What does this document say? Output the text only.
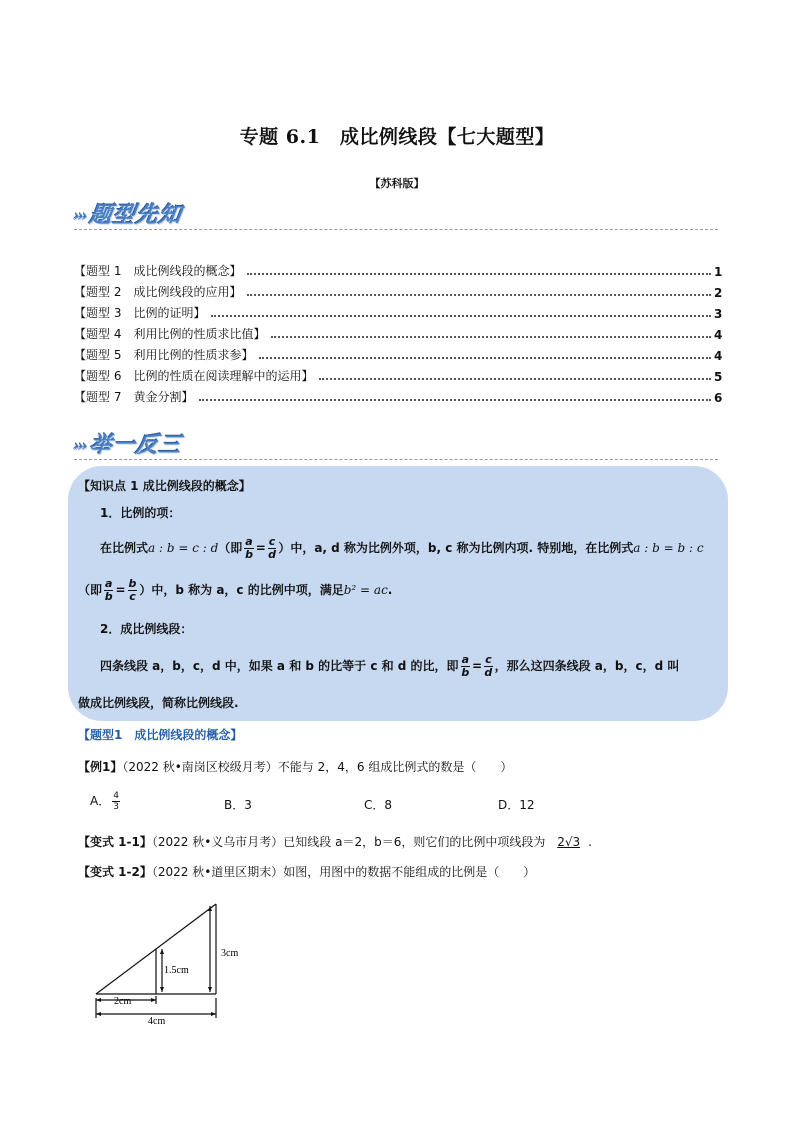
专题 6.1　成比例线段【七大题型】
【苏科版】
›››题型先知
【题型 1　成比例线段的概念】	1
【题型 2　成比例线段的应用】	2
【题型 3　比例的证明】	3
【题型 4　利用比例的性质求比值】	4
【题型 5　利用比例的性质求参】	4
【题型 6　比例的性质在阅读理解中的运用】	5
【题型 7　黄金分割】	6
›››举一反三
【知识点 1 成比例线段的概念】
1．比例的项：
在比例式a : b = c : d（即 $\frac{a}{b} = \frac{c}{d}$ ）中，a, d 称为比例外项，b, c 称为比例内项. 特别地，在比例式a : b = b : c
（即 $\frac{a}{b} = \frac{b}{c}$ ）中，b 称为 a，c 的比例中项，满足b² = ac.
2．成比例线段：
四条线段 a，b，c，d 中，如果 a 和 b 的比等于 c 和 d 的比，即 $\frac{a}{b} = \frac{c}{d}$ ，那么这四条线段 a，b，c，d 叫
做成比例线段，简称比例线段.
【题型1　成比例线段的概念】
【例1】（2022 秋•南岗区校级月考）不能与 2，4，6 组成比例式的数是（　　）
A． $\frac{4}{3}$	B．3	C．8	D．12
【变式 1-1】（2022 秋•义乌市月考）已知线段 a＝2，b＝6，则它们的比例中项线段为 2√3 .
【变式 1-2】（2022 秋•道里区期末）如图，用图中的数据不能组成的比例是（　　）
1.5cm
3cm
2cm
4cm
